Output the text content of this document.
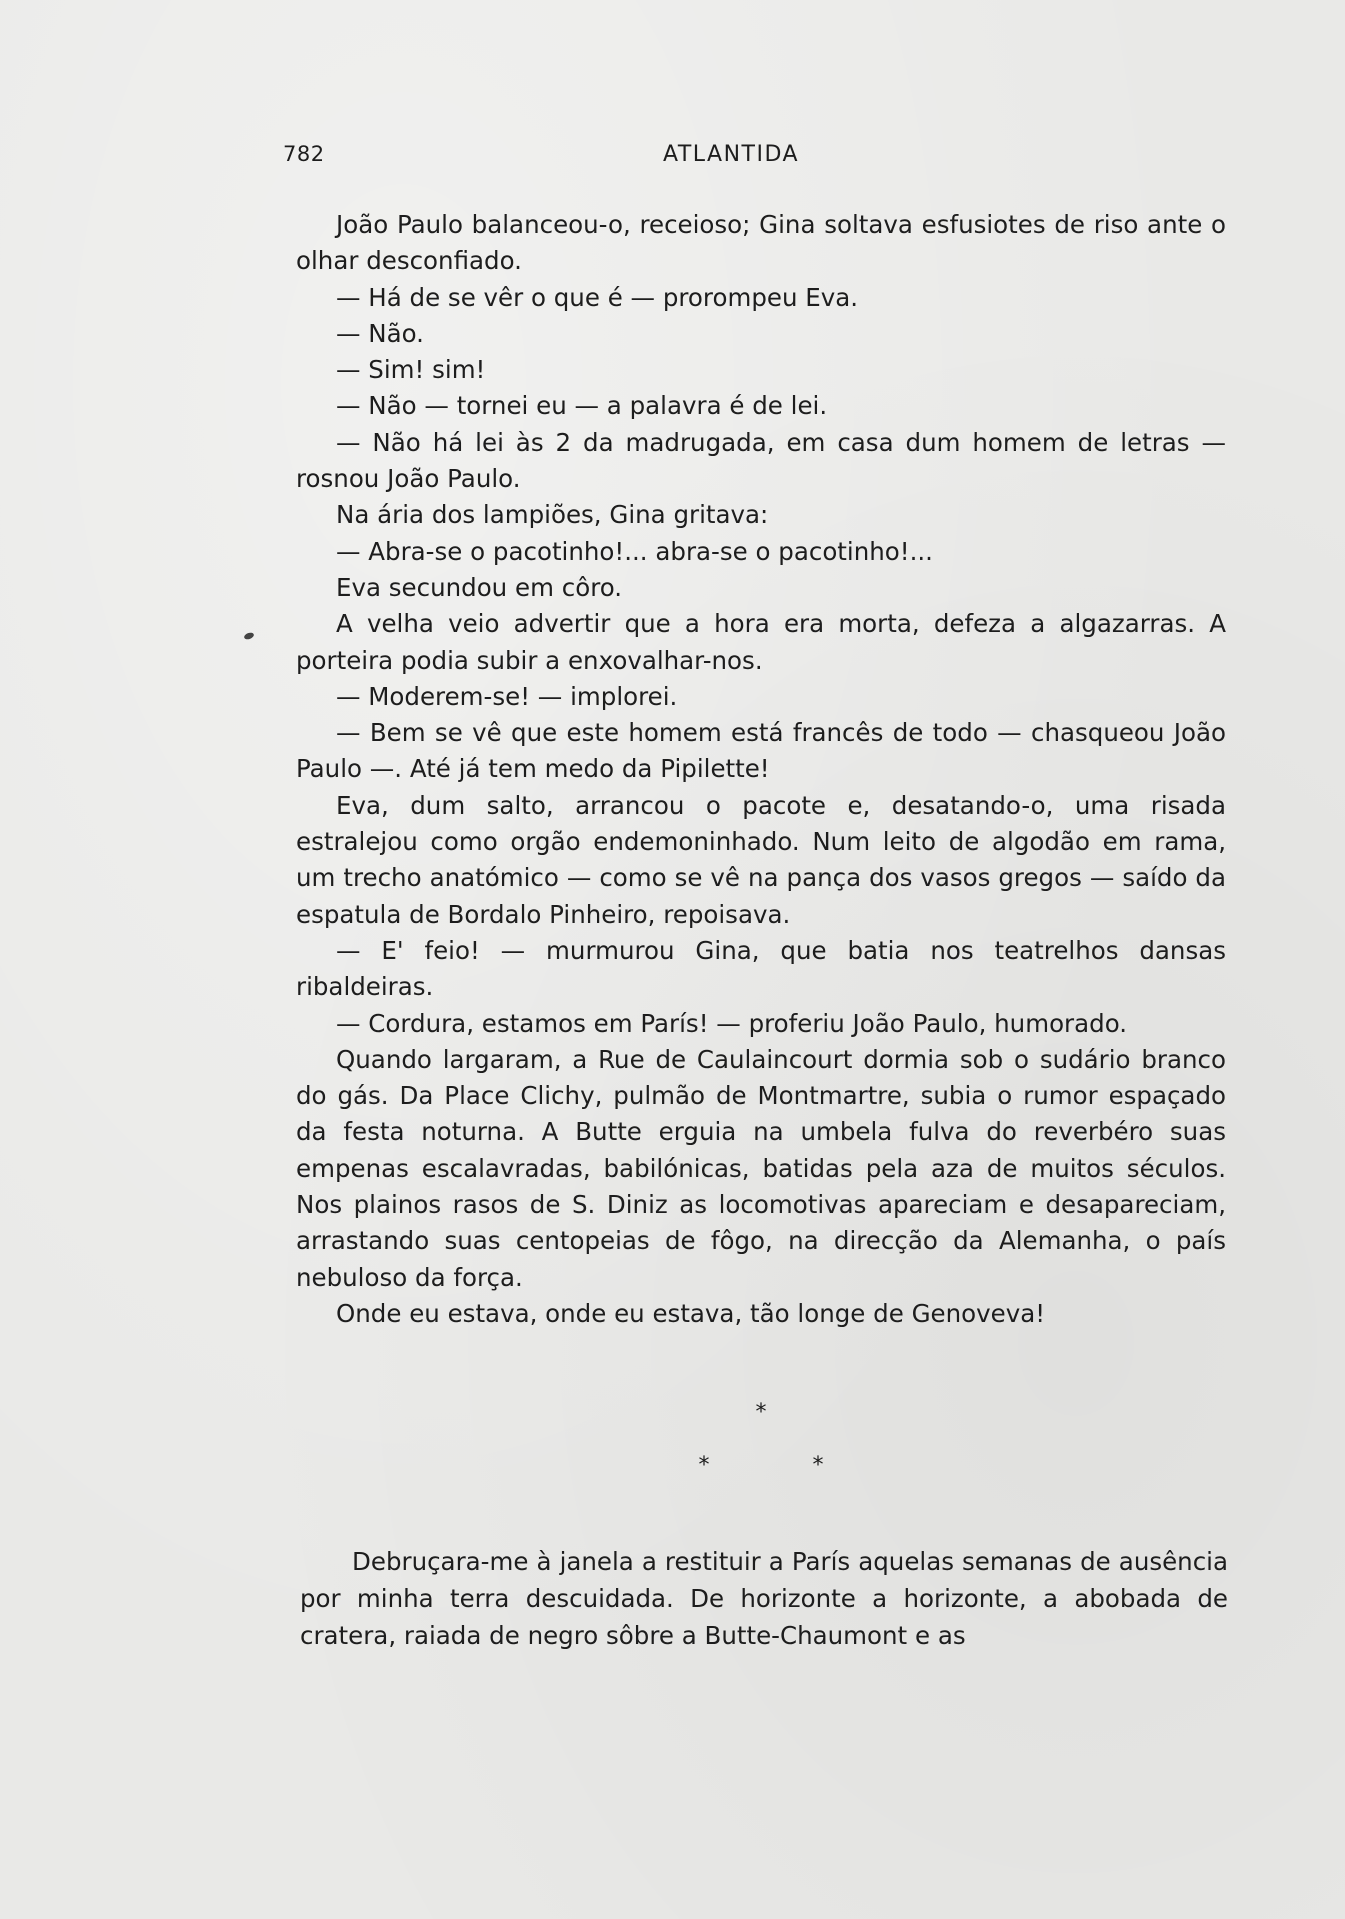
782	ATLANTIDA

João Paulo balanceou-o, receioso; Gina soltava esfusiotes de riso ante o olhar desconfiado.

— Há de se vêr o que é — prorompeu Eva.

— Não.

— Sim! sim!

— Não — tornei eu — a palavra é de lei.

— Não há lei às 2 da madrugada, em casa dum homem de letras — rosnou João Paulo.

Na ária dos lampiões, Gina gritava:

— Abra-se o pacotinho!... abra-se o pacotinho!...

Eva secundou em côro.

A velha veio advertir que a hora era morta, defeza a algazarras. A porteira podia subir a enxovalhar-nos.

— Moderem-se! — implorei.

— Bem se vê que este homem está francês de todo — chasqueou João Paulo —. Até já tem medo da Pipilette!

Eva, dum salto, arrancou o pacote e, desatando-o, uma risada estralejou como orgão endemoninhado. Num leito de algodão em rama, um trecho anatómico — como se vê na pança dos vasos gregos — saído da espatula de Bordalo Pinheiro, repoisava.

— E' feio! — murmurou Gina, que batia nos teatrelhos dansas ribaldeiras.

— Cordura, estamos em París! — proferiu João Paulo, humorado.

Quando largaram, a Rue de Caulaincourt dormia sob o sudário branco do gás. Da Place Clichy, pulmão de Montmartre, subia o rumor espaçado da festa noturna. A Butte erguia na umbela fulva do reverbéro suas empenas escalavradas, babilónicas, batidas pela aza de muitos séculos. Nos plainos rasos de S. Diniz as locomotivas apareciam e desapareciam, arrastando suas centopeias de fôgo, na direcção da Alemanha, o país nebuloso da força.

Onde eu estava, onde eu estava, tão longe de Genoveva!

*
* *

Debruçara-me à janela a restituir a París aquelas semanas de ausência por minha terra descuidada. De horizonte a horizonte, a abobada de cratera, raiada de negro sôbre a Butte-Chaumont e as
